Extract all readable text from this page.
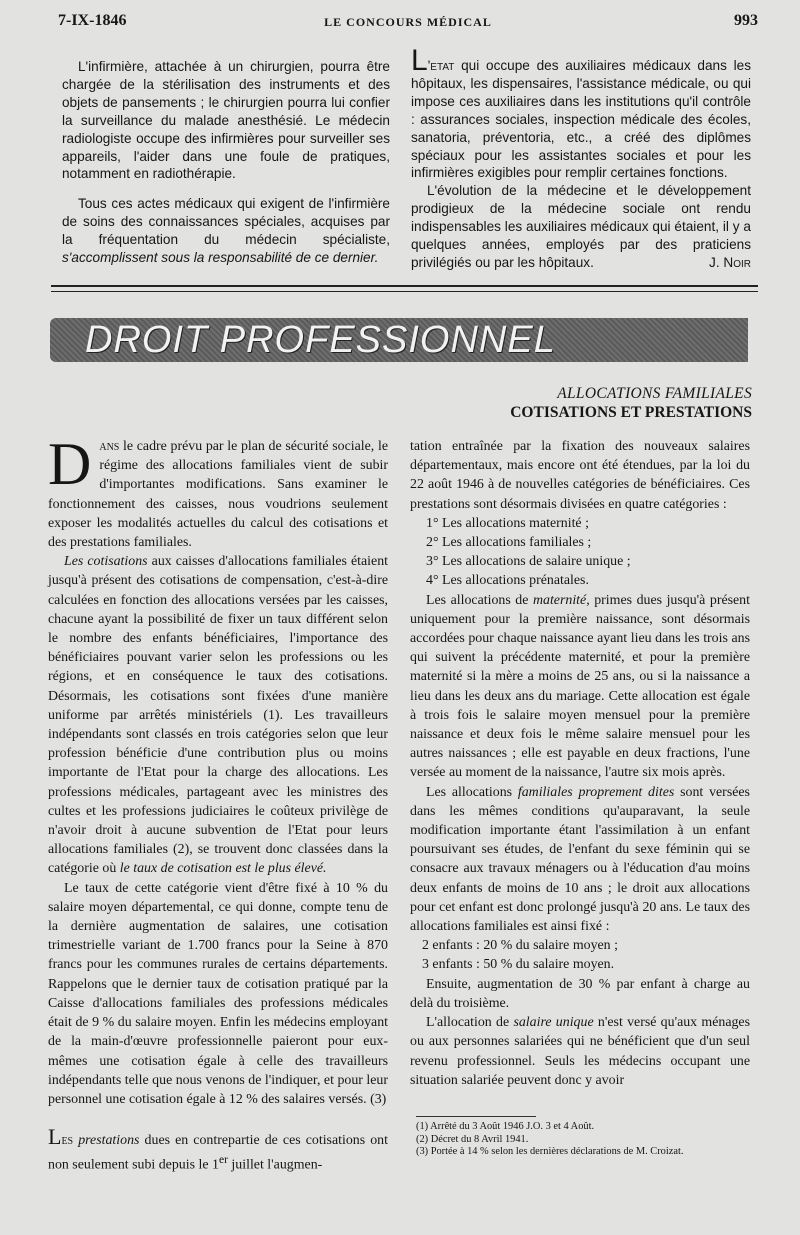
7-IX-1846	LE CONCOURS MÉDICAL	993

L'infirmière, attachée à un chirurgien, pourra être chargée de la stérilisation des instruments et des objets de pansements ; le chirurgien pourra lui confier la surveillance du malade anesthésié. Le médecin radiologiste occupe des infirmières pour surveiller ses appareils, l'aider dans une foule de pratiques, notamment en radiothérapie.

Tous ces actes médicaux qui exigent de l'infirmière de soins des connaissances spéciales, acquises par la fréquentation du médecin spécialiste, s'accomplissent sous la responsabilité de ce dernier.

L'etat qui occupe des auxiliaires médicaux dans les hôpitaux, les dispensaires, l'assistance médicale, ou qui impose ces auxiliaires dans les institutions qu'il contrôle : assurances sociales, inspection médicale des écoles, sanatoria, préventoria, etc., a créé des diplômes spéciaux pour les assistantes sociales et pour les infirmières exigibles pour remplir certaines fonctions.

L'évolution de la médecine et le développement prodigieux de la médecine sociale ont rendu indispensables les auxiliaires médicaux qui étaient, il y a quelques années, employés par des praticiens privilégiés ou par les hôpitaux.	J. Noir

DROIT PROFESSIONNEL
ALLOCATIONS FAMILIALES
COTISATIONS ET PRESTATIONS

Dans le cadre prévu par le plan de sécurité sociale, le régime des allocations familiales vient de subir d'importantes modifications. Sans examiner le fonctionnement des caisses, nous voudrions seulement exposer les modalités actuelles du calcul des cotisations et des prestations familiales.

Les cotisations aux caisses d'allocations familiales étaient jusqu'à présent des cotisations de compensation, c'est-à-dire calculées en fonction des allocations versées par les caisses, chacune ayant la possibilité de fixer un taux différent selon le nombre des enfants bénéficiaires, l'importance des bénéficiaires pouvant varier selon les professions ou les régions, et en conséquence le taux des cotisations. Désormais, les cotisations sont fixées d'une manière uniforme par arrêtés ministériels (1). Les travailleurs indépendants sont classés en trois catégories selon que leur profession bénéficie d'une contribution plus ou moins importante de l'Etat pour la charge des allocations. Les professions médicales, partageant avec les ministres des cultes et les professions judiciaires le coûteux privilège de n'avoir droit à aucune subvention de l'Etat pour leurs allocations familiales (2), se trouvent donc classées dans la catégorie où le taux de cotisation est le plus élevé.

Le taux de cette catégorie vient d'être fixé à 10 % du salaire moyen départemental, ce qui donne, compte tenu de la dernière augmentation de salaires, une cotisation trimestrielle variant de 1.700 francs pour la Seine à 870 francs pour les communes rurales de certains départements. Rappelons que le dernier taux de cotisation pratiqué par la Caisse d'allocations familiales des professions médicales était de 9 % du salaire moyen. Enfin les médecins employant de la main-d'œuvre professionnelle paieront pour eux-mêmes une cotisation égale à celle des travailleurs indépendants telle que nous venons de l'indiquer, et pour leur personnel une cotisation égale à 12 % des salaires versés. (3)

Les prestations dues en contrepartie de ces cotisations ont non seulement subi depuis le 1er juillet l'augmen-

tation entraînée par la fixation des nouveaux salaires départementaux, mais encore ont été étendues, par la loi du 22 août 1946 à de nouvelles catégories de bénéficiaires. Ces prestations sont désormais divisées en quatre catégories :

1° Les allocations maternité ;

2° Les allocations familiales ;

3° Les allocations de salaire unique ;

4° Les allocations prénatales.

Les allocations de maternité, primes dues jusqu'à présent uniquement pour la première naissance, sont désormais accordées pour chaque naissance ayant lieu dans les trois ans qui suivent la précédente maternité, et pour la première maternité si la mère a moins de 25 ans, ou si la naissance a lieu dans les deux ans du mariage. Cette allocation est égale à trois fois le salaire moyen mensuel pour la première naissance et deux fois le même salaire mensuel pour les autres naissances ; elle est payable en deux fractions, l'une versée au moment de la naissance, l'autre six mois après.

Les allocations familiales proprement dites sont versées dans les mêmes conditions qu'auparavant, la seule modification importante étant l'assimilation à un enfant poursuivant ses études, de l'enfant du sexe féminin qui se consacre aux travaux ménagers ou à l'éducation d'au moins deux enfants de moins de 10 ans ; le droit aux allocations pour cet enfant est donc prolongé jusqu'à 20 ans. Le taux des allocations familiales est ainsi fixé :

2 enfants : 20 % du salaire moyen ;

3 enfants : 50 % du salaire moyen.

Ensuite, augmentation de 30 % par enfant à charge au delà du troisième.

L'allocation de salaire unique n'est versé qu'aux ménages ou aux personnes salariées qui ne bénéficient que d'un seul revenu professionnel. Seuls les médecins occupant une situation salariée peuvent donc y avoir

(1) Arrêté du 3 Août 1946 J.O. 3 et 4 Août.

(2) Décret du 8 Avril 1941.

(3) Portée à 14 % selon les dernières déclarations de M. Croizat.
